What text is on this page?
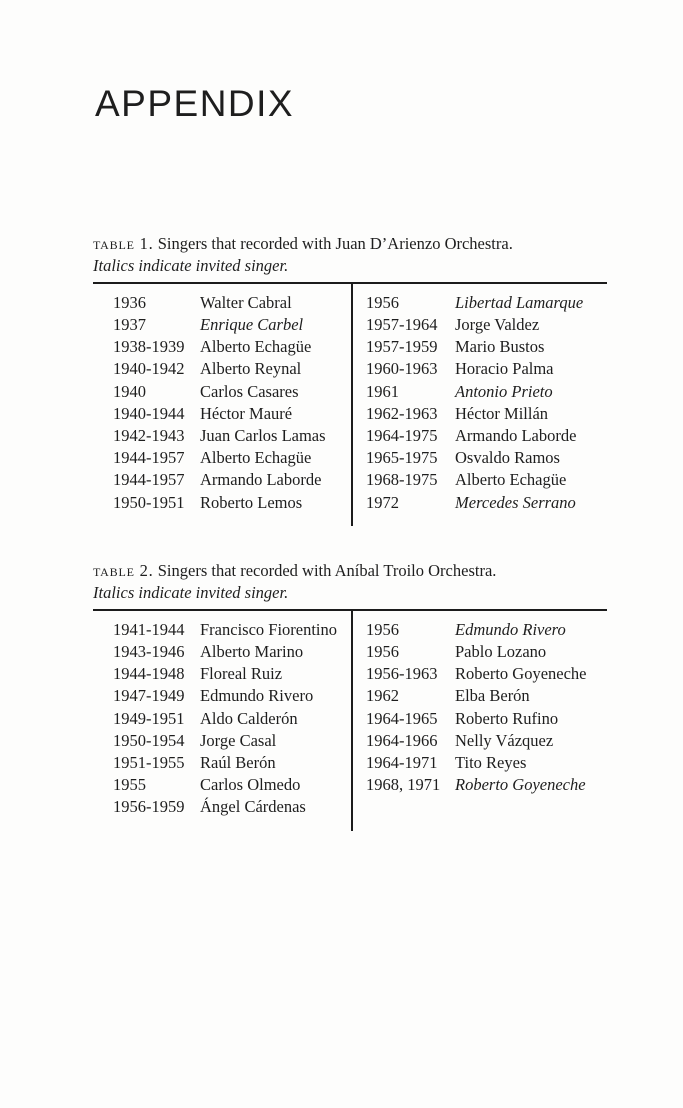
APPENDIX

table 1. Singers that recorded with Juan D’Arienzo Orchestra.

Italics indicate invited singer.

1936	Walter Cabral
1937	Enrique Carbel
1938-1939 Alberto Echagüe
1940-1942 Alberto Reynal
1940	Carlos Casares
1940-1944 Héctor Mauré
1942-1943 Juan Carlos Lamas
1944-1957 Alberto Echagüe
1944-1957 Armando Laborde
1950-1951 Roberto Lemos
1956	Libertad Lamarque
1957-1964	Jorge Valdez
1957-1959	Mario Bustos
1960-1963	Horacio Palma
1961	Antonio Prieto
1962-1963	Héctor Millán
1964-1975	Armando Laborde
1965-1975	Osvaldo Ramos
1968-1975	Alberto Echagüe
1972	Mercedes Serrano

table 2. Singers that recorded with Aníbal Troilo Orchestra.

Italics indicate invited singer.

1941-1944 Francisco Fiorentino
1943-1946 Alberto Marino
1944-1948 Floreal Ruiz
1947-1949 Edmundo Rivero
1949-1951 Aldo Calderón
1950-1954 Jorge Casal
1951-1955 Raúl Berón
1955	Carlos Olmedo
1956-1959 Ángel Cárdenas
1956	Edmundo Rivero
1956	Pablo Lozano
1956-1963	Roberto Goyeneche
1962	Elba Berón
1964-1965	Roberto Rufino
1964-1966	Nelly Vázquez
1964-1971	Tito Reyes
1968, 1971 Roberto Goyeneche
